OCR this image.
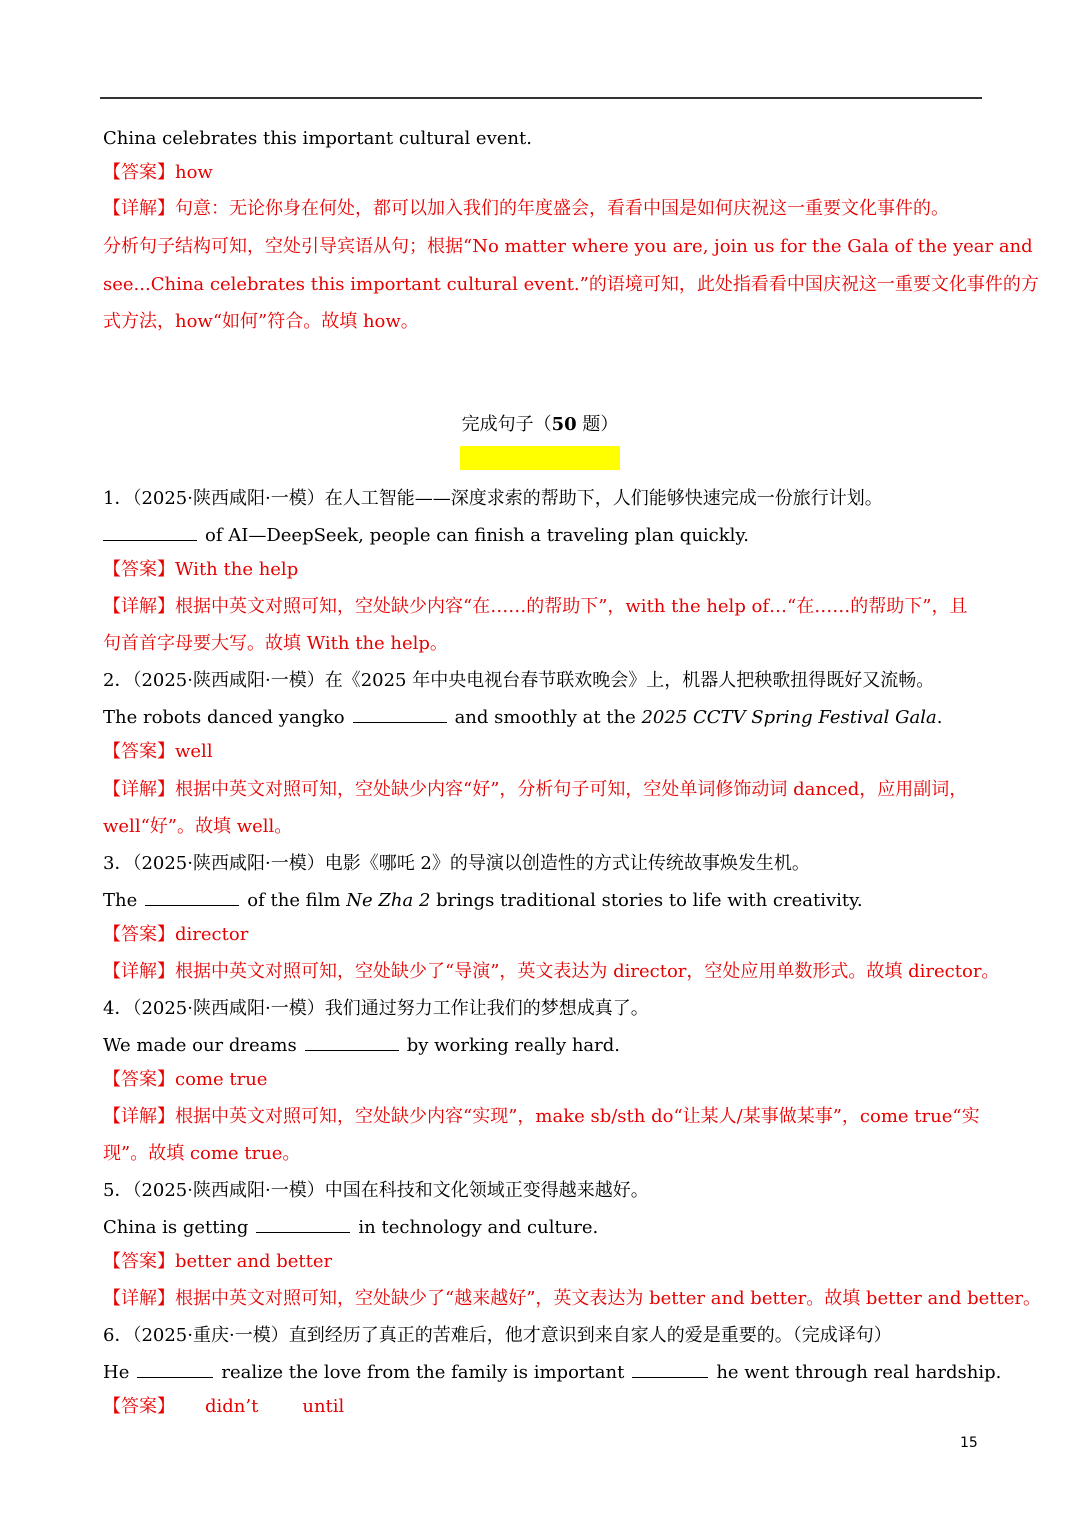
China celebrates this important cultural event.
【答案】how
【详解】句意：无论你身在何处，都可以加入我们的年度盛会，看看中国是如何庆祝这一重要文化事件的。
分析句子结构可知，空处引导宾语从句；根据“No matter where you are, join us for the Gala of the year and
see...China celebrates this important cultural event.”的语境可知，此处指看看中国庆祝这一重要文化事件的方
式方法，how“如何”符合。故填 how。
完成句子（50 题）
1．（2025·陕西咸阳·一模）在人工智能——深度求索的帮助下，人们能够快速完成一份旅行计划。
of AI—DeepSeek, people can finish a traveling plan quickly.
【答案】With the help
【详解】根据中英文对照可知，空处缺少内容“在……的帮助下”，with the help of…“在……的帮助下”，且
句首首字母要大写。故填 With the help。
2．（2025·陕西咸阳·一模）在《2025 年中央电视台春节联欢晚会》上，机器人把秧歌扭得既好又流畅。
The robots danced yangko	and smoothly at the 2025 CCTV Spring Festival Gala.
【答案】well
【详解】根据中英文对照可知，空处缺少内容“好”，分析句子可知，空处单词修饰动词 danced，应用副词，
well“好”。故填 well。
3．（2025·陕西咸阳·一模）电影《哪吒 2》的导演以创造性的方式让传统故事焕发生机。
The	of the film Ne Zha 2 brings traditional stories to life with creativity.
【答案】director
【详解】根据中英文对照可知，空处缺少了“导演”，英文表达为 director，空处应用单数形式。故填 director。
4．（2025·陕西咸阳·一模）我们通过努力工作让我们的梦想成真了。
We made our dreams	by working really hard.
【答案】come true
【详解】根据中英文对照可知，空处缺少内容“实现”，make sb/sth do“让某人/某事做某事”，come true“实
现”。故填 come true。
5．（2025·陕西咸阳·一模）中国在科技和文化领域正变得越来越好。
China is getting	in technology and culture.
【答案】better and better
【详解】根据中英文对照可知，空处缺少了“越来越好”，英文表达为 better and better。故填 better and better。
6．（2025·重庆·一模）直到经历了真正的苦难后，他才意识到来自家人的爱是重要的。（完成译句）
He	realize the love from the family is important	he went through real hardship.
【答案】 didn’t until
15
